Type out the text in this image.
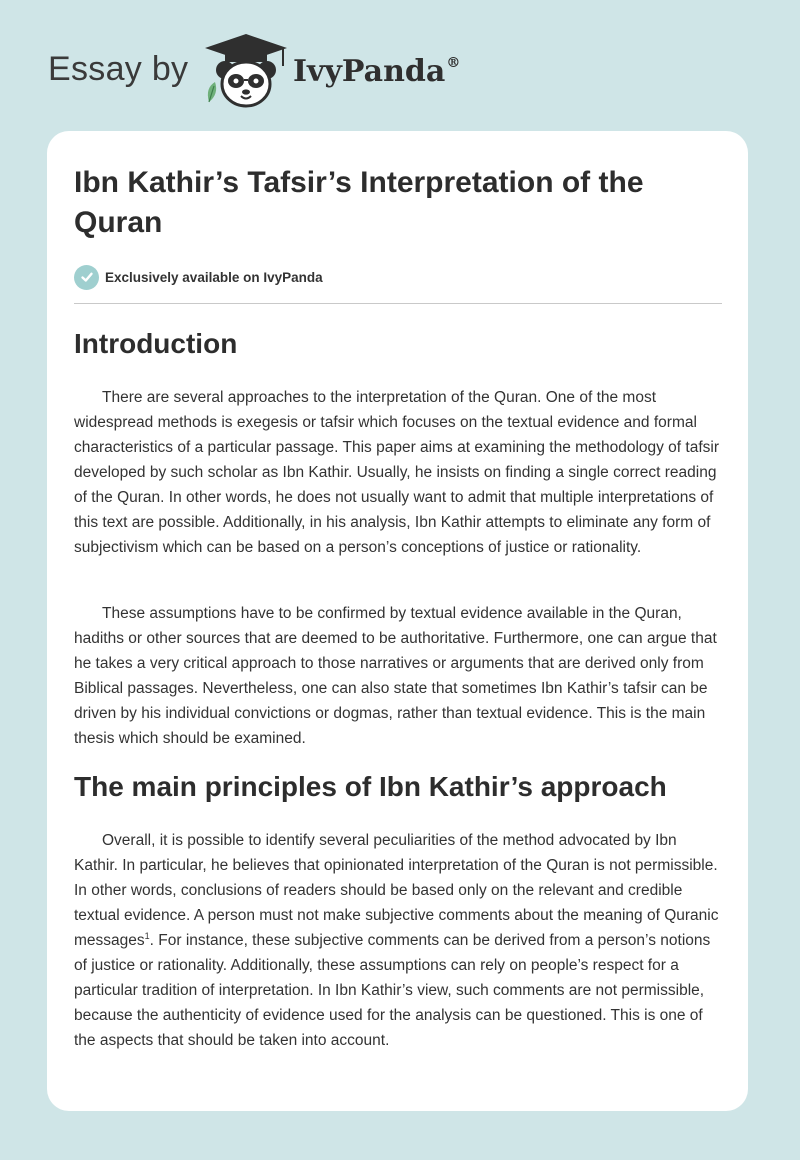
Essay by	IvyPanda®
Ibn Kathir’s Tafsir’s Interpretation of the Quran
Exclusively available on IvyPanda
Introduction

There are several approaches to the interpretation of the Quran. One of the most widespread methods is exegesis or tafsir which focuses on the textual evidence and formal characteristics of a particular passage. This paper aims at examining the methodology of tafsir developed by such scholar as Ibn Kathir. Usually, he insists on finding a single correct reading of the Quran. In other words, he does not usually want to admit that multiple interpretations of this text are possible. Additionally, in his analysis, Ibn Kathir attempts to eliminate any form of subjectivism which can be based on a person’s conceptions of justice or rationality.

These assumptions have to be confirmed by textual evidence available in the Quran, hadiths or other sources that are deemed to be authoritative. Furthermore, one can argue that he takes a very critical approach to those narratives or arguments that are derived only from Biblical passages. Nevertheless, one can also state that sometimes Ibn Kathir’s tafsir can be driven by his individual convictions or dogmas, rather than textual evidence. This is the main thesis which should be examined.

The main principles of Ibn Kathir’s approach

Overall, it is possible to identify several peculiarities of the method advocated by Ibn Kathir. In particular, he believes that opinionated interpretation of the Quran is not permissible. In other words, conclusions of readers should be based only on the relevant and credible textual evidence. A person must not make subjective comments about the meaning of Quranic messages$^1$. For instance, these subjective comments can be derived from a person’s notions of justice or rationality. Additionally, these assumptions can rely on people’s respect for a particular tradition of interpretation. In Ibn Kathir’s view, such comments are not permissible, because the authenticity of evidence used for the analysis can be questioned. This is one of the aspects that should be taken into account.
